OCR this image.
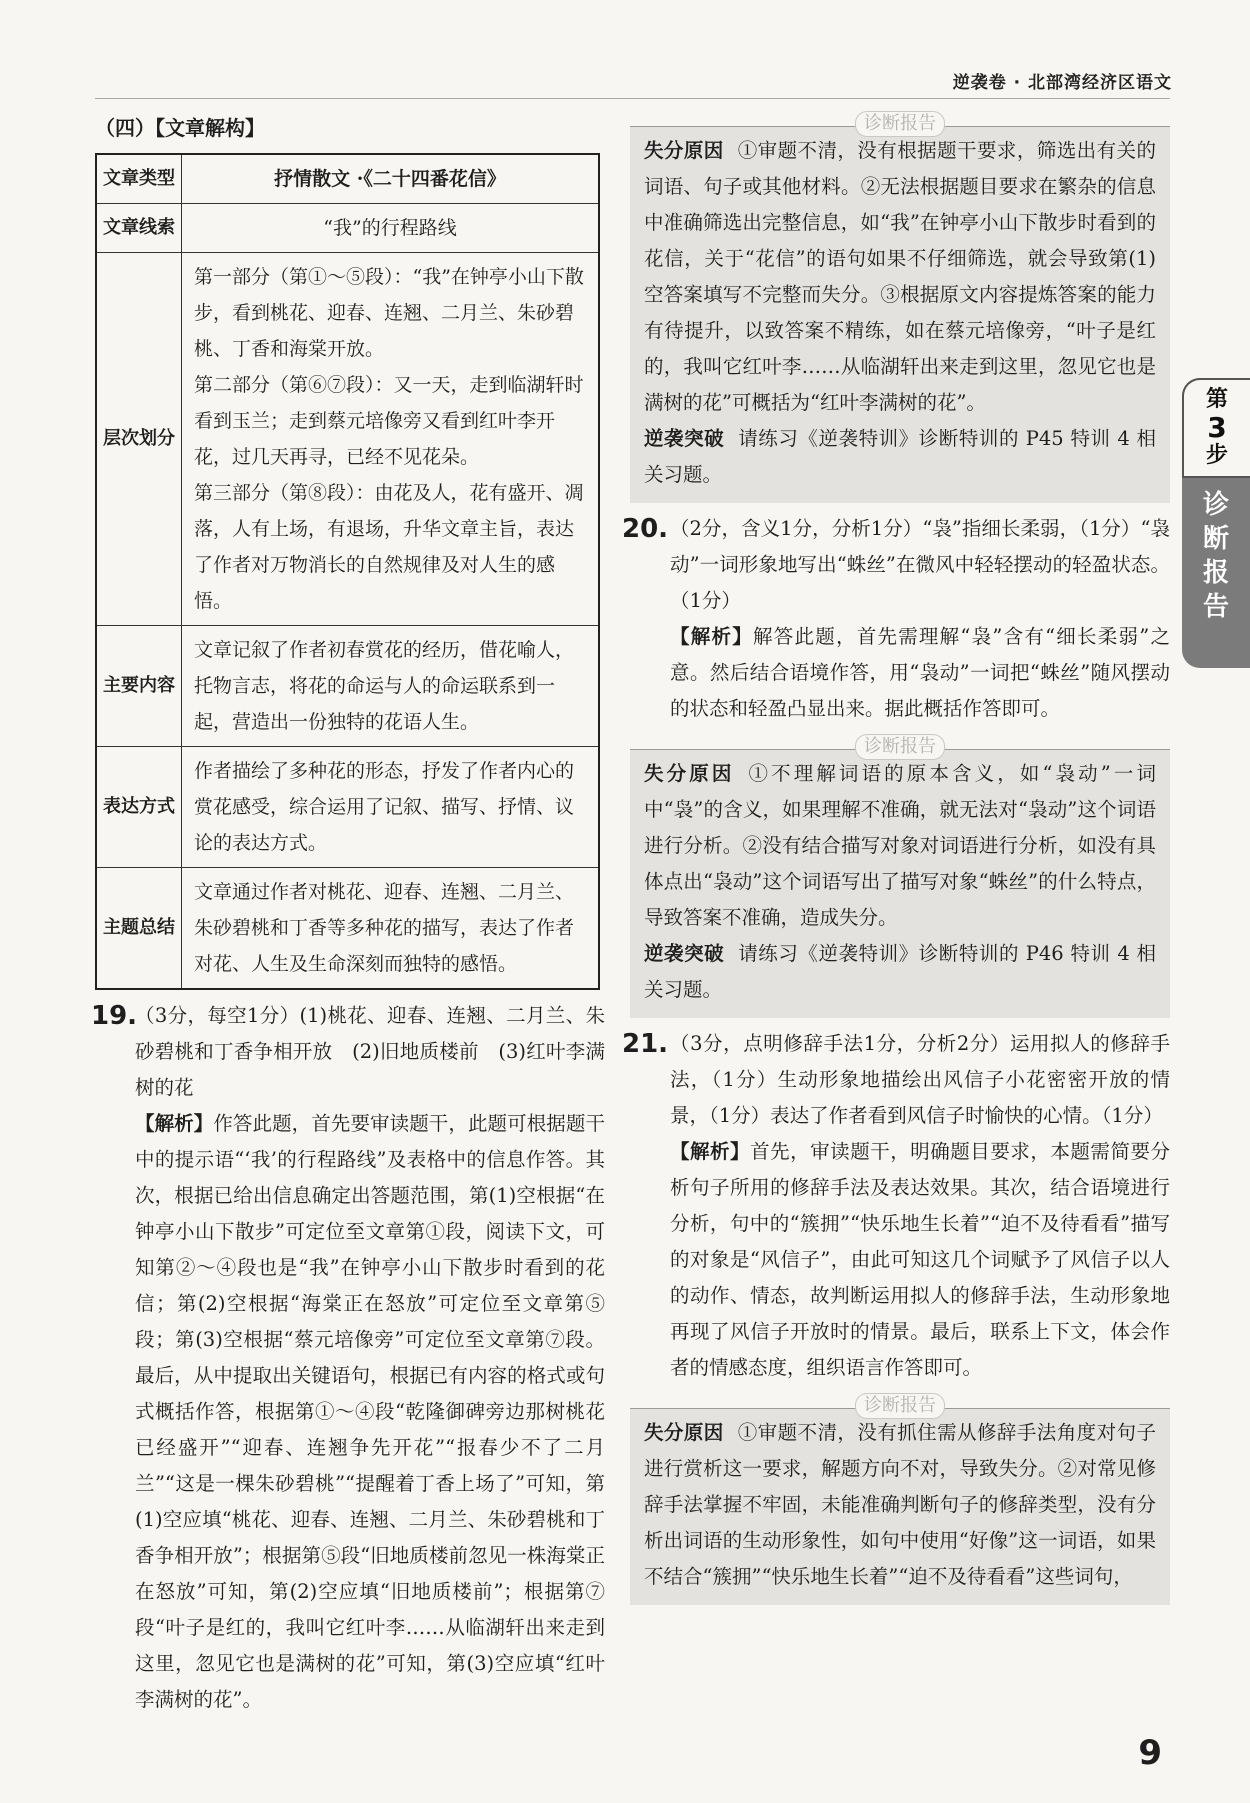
逆袭卷 · 北部湾经济区语文
（四）【文章解构】
文章类型	抒情散文 ·《二十四番花信》
文章线索	“我”的行程路线
层次划分	第一部分（第①～⑤段）：“我”在钟亭小山下散步，看到桃花、迎春、连翘、二月兰、朱砂碧桃、丁香和海棠开放。
第二部分（第⑥⑦段）：又一天，走到临湖轩时看到玉兰；走到蔡元培像旁又看到红叶李开花，过几天再寻，已经不见花朵。
第三部分（第⑧段）：由花及人，花有盛开、凋落，人有上场，有退场，升华文章主旨，表达了作者对万物消长的自然规律及对人生的感悟。

主要内容	文章记叙了作者初春赏花的经历，借花喻人，托物言志，将花的命运与人的命运联系到一起，营造出一份独特的花语人生。
表达方式	作者描绘了多种花的形态，抒发了作者内心的赏花感受，综合运用了记叙、描写、抒情、议论的表达方式。
主题总结	文章通过作者对桃花、迎春、连翘、二月兰、朱砂碧桃和丁香等多种花的描写，表达了作者对花、人生及生命深刻而独特的感悟。
19.
（3分，每空1分）(1)桃花、迎春、连翘、二月兰、朱砂碧桃和丁香争相开放　(2)旧地质楼前　(3)红叶李满树的花
【解析】作答此题，首先要审读题干，此题可根据题干中的提示语“‘我’的行程路线”及表格中的信息作答。其次，根据已给出信息确定出答题范围，第(1)空根据“在钟亭小山下散步”可定位至文章第①段，阅读下文，可知第②～④段也是“我”在钟亭小山下散步时看到的花信；第(2)空根据“海棠正在怒放”可定位至文章第⑤段；第(3)空根据“蔡元培像旁”可定位至文章第⑦段。最后，从中提取出关键语句，根据已有内容的格式或句式概括作答，根据第①～④段“乾隆御碑旁边那树桃花已经盛开”“迎春、连翘争先开花”“报春少不了二月兰”“这是一棵朱砂碧桃”“提醒着丁香上场了”可知，第(1)空应填“桃花、迎春、连翘、二月兰、朱砂碧桃和丁香争相开放”；根据第⑤段“旧地质楼前忽见一株海棠正在怒放”可知，第(2)空应填“旧地质楼前”；根据第⑦段“叶子是红的，我叫它红叶李……从临湖轩出来走到这里，忽见它也是满树的花”可知，第(3)空应填“红叶李满树的花”。
诊断报告
失分原因 ①审题不清，没有根据题干要求，筛选出有关的词语、句子或其他材料。②无法根据题目要求在繁杂的信息中准确筛选出完整信息，如“我”在钟亭小山下散步时看到的花信，关于“花信”的语句如果不仔细筛选，就会导致第(1)空答案填写不完整而失分。③根据原文内容提炼答案的能力有待提升，以致答案不精练，如在蔡元培像旁，“叶子是红的，我叫它红叶李……从临湖轩出来走到这里，忽见它也是满树的花”可概括为“红叶李满树的花”。
逆袭突破 请练习《逆袭特训》诊断特训的 P45 特训 4 相关习题。
20. （2分，含义1分，分析1分）“袅”指细长柔弱，（1分）“袅动”一词形象地写出“蛛丝”在微风中轻轻摆动的轻盈状态。（1分）
【解析】解答此题，首先需理解“袅”含有“细长柔弱”之意。然后结合语境作答，用“袅动”一词把“蛛丝”随风摆动的状态和轻盈凸显出来。据此概括作答即可。
诊断报告
失分原因 ①不理解词语的原本含义，如“袅动”一词中“袅”的含义，如果理解不准确，就无法对“袅动”这个词语进行分析。②没有结合描写对象对词语进行分析，如没有具体点出“袅动”这个词语写出了描写对象“蛛丝”的什么特点，导致答案不准确，造成失分。
逆袭突破 请练习《逆袭特训》诊断特训的 P46 特训 4 相关习题。
21. （3分，点明修辞手法1分，分析2分）运用拟人的修辞手法，（1分）生动形象地描绘出风信子小花密密开放的情景，（1分）表达了作者看到风信子时愉快的心情。（1分）
【解析】首先，审读题干，明确题目要求，本题需简要分析句子所用的修辞手法及表达效果。其次，结合语境进行分析，句中的“簇拥”“快乐地生长着”“迫不及待看看”描写的对象是“风信子”，由此可知这几个词赋予了风信子以人的动作、情态，故判断运用拟人的修辞手法，生动形象地再现了风信子开放时的情景。最后，联系上下文，体会作者的情感态度，组织语言作答即可。
诊断报告
失分原因 ①审题不清，没有抓住需从修辞手法角度对句子进行赏析这一要求，解题方向不对，导致失分。②对常见修辞手法掌握不牢固，未能准确判断句子的修辞类型，没有分析出词语的生动形象性，如句中使用“好像”这一词语，如果不结合“簇拥”“快乐地生长着”“迫不及待看看”这些词句，
第
3
步
诊断报告
9
